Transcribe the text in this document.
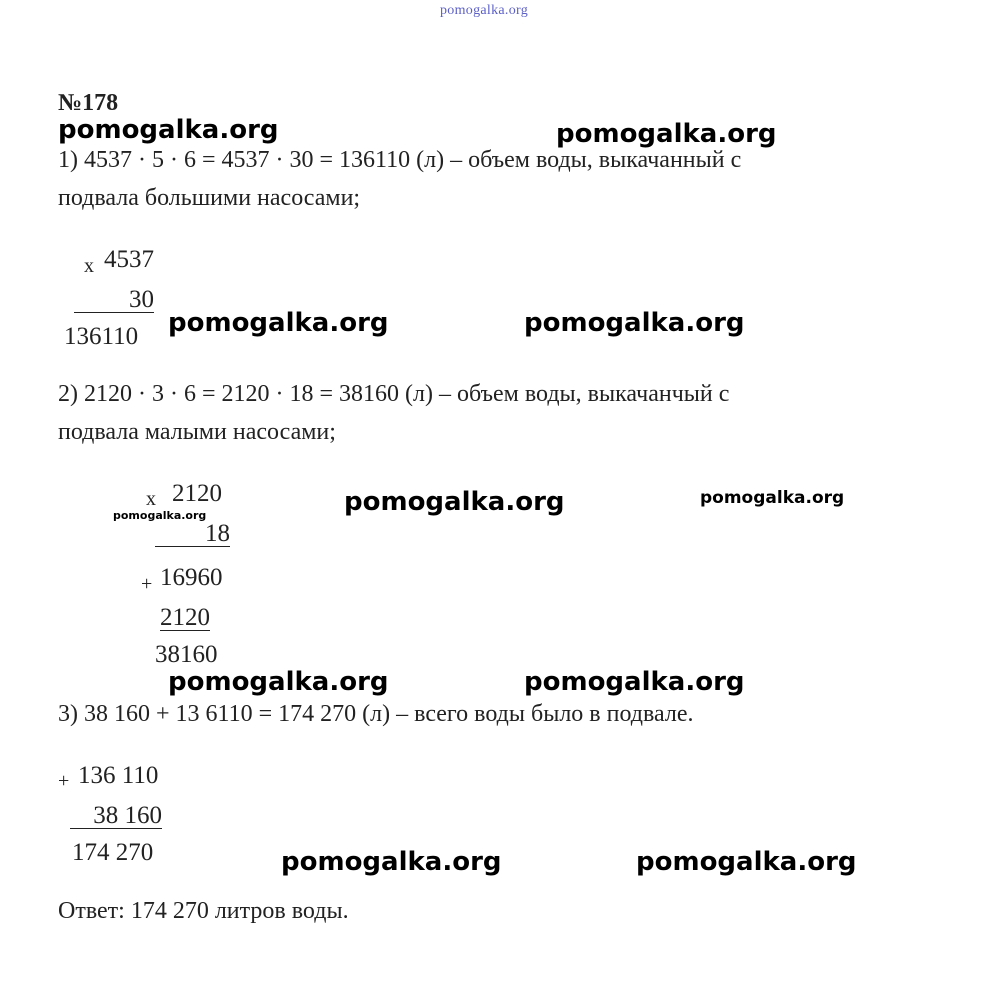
pomogalka.org
№178
pomogalka.org	pomogalka.org
1) 4537 · 5 · 6 = 4537 · 30 = 136110 (л) – объем воды, выкачанный с
подвала большими насосами;
x 4537
30
136110 pomogalka.org	pomogalka.org
2) 2120 · 3 · 6 = 2120 · 18 = 38160 (л) – объем воды, выкачанчый с
подвала малыми насосами;
x 2120
18
+ 16960
2120
38160
pomogalka.org	pomogalka.org	pomogalka.org
pomogalka.org	pomogalka.org
3) 38 160 + 13 6110 = 174 270 (л) – всего воды было в подвале.
+ 136 110
38 160
174 270	pomogalka.org	pomogalka.org
Ответ: 174 270 литров воды.
